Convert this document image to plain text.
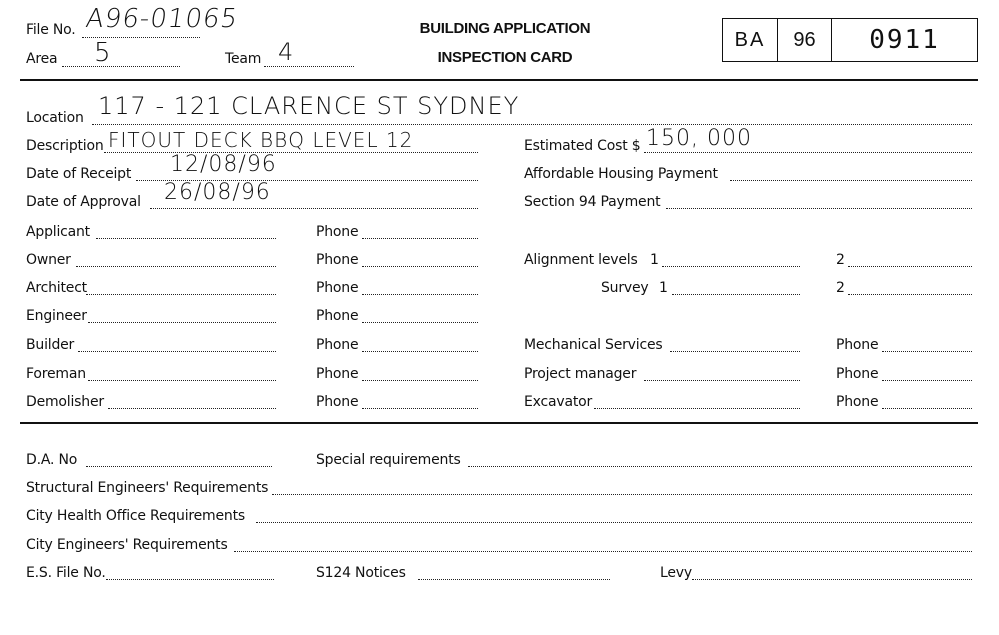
File No. A96-01065
Area 5	Team 4
BUILDING APPLICATION
INSPECTION CARD
BA	96	0911
Location 117 - 121 CLARENCE ST SYDNEY
Description FITOUT DECK BBQ LEVEL 12	Estimated Cost $ 150, 000
Date of Receipt 12/08/96	Affordable Housing Payment
Date of Approval 26/08/96	Section 94 Payment
Applicant	Phone
Owner	Phone	Alignment levels 1	2
Architect	Phone	Survey 1	2
Engineer	Phone
Builder	Phone	Mechanical Services	Phone
Foreman	Phone	Project manager	Phone
Demolisher	Phone	Excavator	Phone
D.A. No	Special requirements
Structural Engineers' Requirements
City Health Office Requirements
City Engineers' Requirements
E.S. File No.	S124 Notices	Levy
